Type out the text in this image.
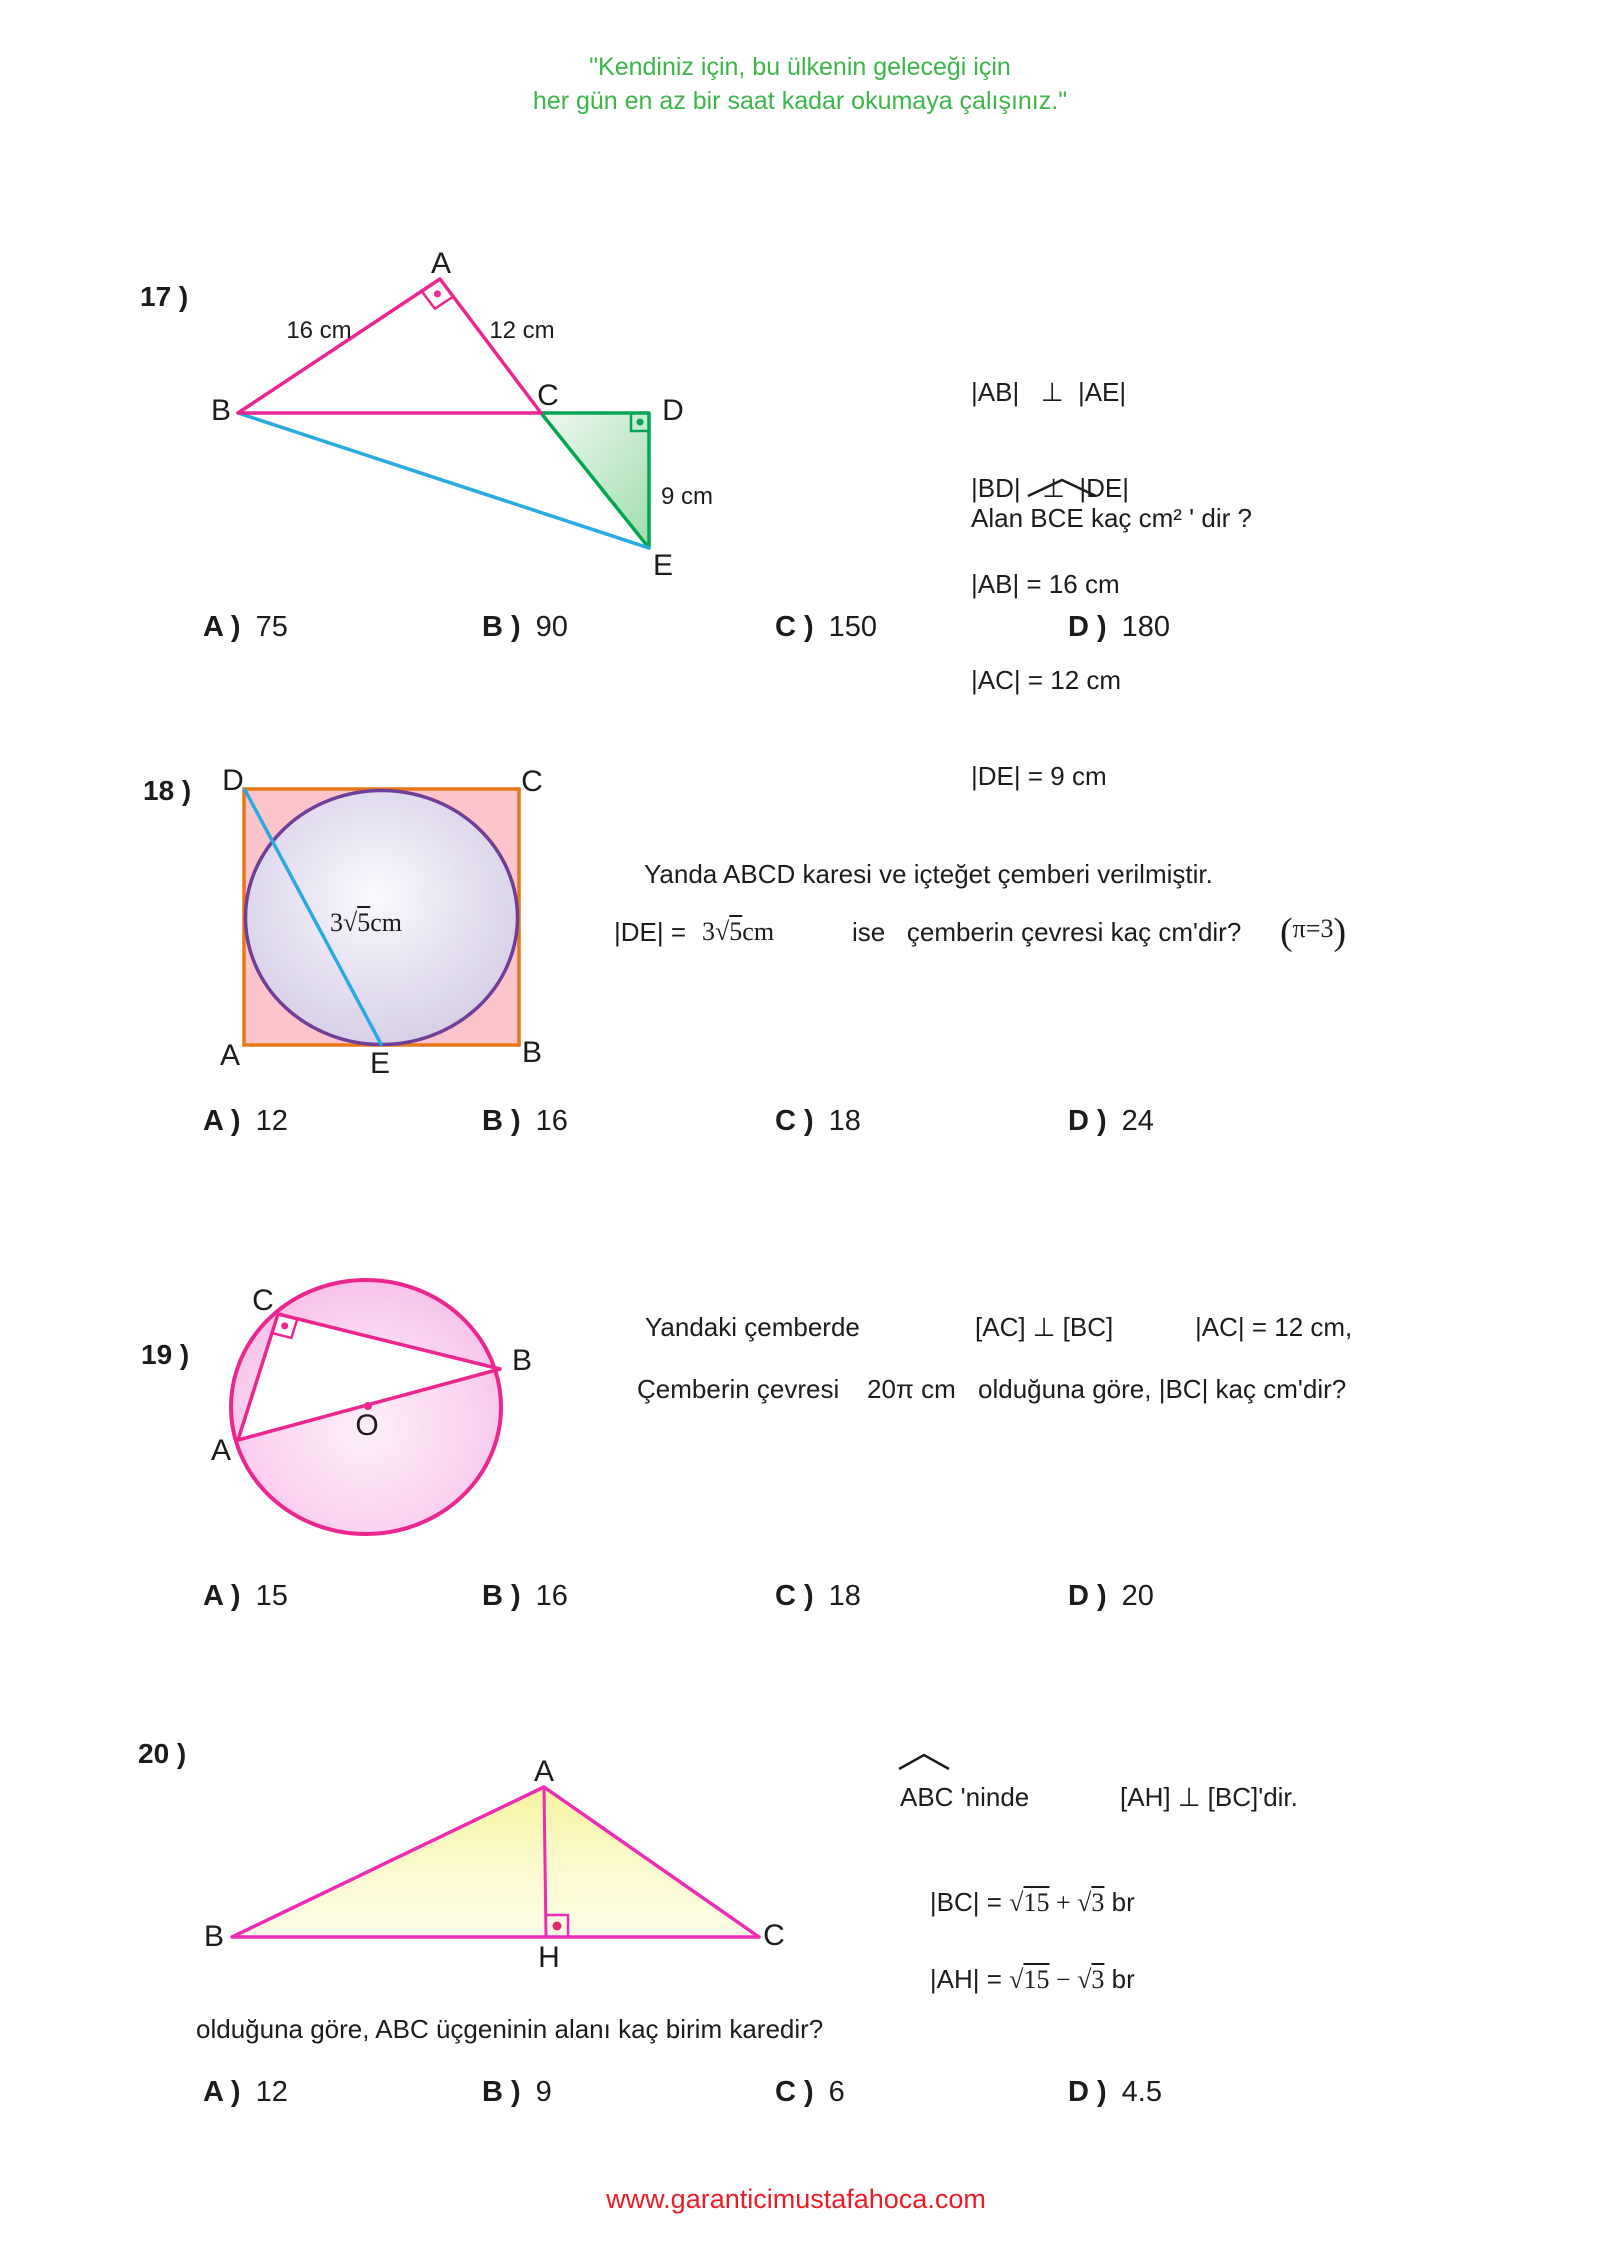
"Kendiniz için, bu ülkenin geleceği için
her gün en az bir saat kadar okumaya çalışınız."
17 )
A
B	C	D
E
16 cm	12 cm
9 cm

|AB|   ⊥  |AE|

|BD|   ⊥  |DE|

|AB| = 16 cm

|AC| = 12 cm

|DE| = 9 cm

Alan BCE kaç cm² ' dir ?
A ) 75	B ) 90	C ) 150	D ) 180
18 ) D	C
A	B
E
3√5cm
Yanda ABCD karesi ve içteğet çemberi verilmiştir.
|DE| = 3√5cm	ise   çemberin çevresi kaç cm'dir? (π=3)
A ) 12	B ) 16	C ) 18	D ) 24
19 )
C
B
A
O
Yandaki çemberde	[AC] ⊥ [BC]	|AC| = 12 cm,
Çemberin çevresi 20π cm olduğuna göre, |BC| kaç cm'dir?
A ) 15	B ) 16	C ) 18	D ) 20
20 )
A
B	C
H
ABC 'ninde	[AH] ⊥ [BC]'dir.

|BC| = √15 + √3 br

|AH| = √15 − √3 br

olduğuna göre, ABC üçgeninin alanı kaç birim karedir?
A ) 12	B ) 9	C ) 6	D ) 4.5
www.garanticimustafahoca.com
